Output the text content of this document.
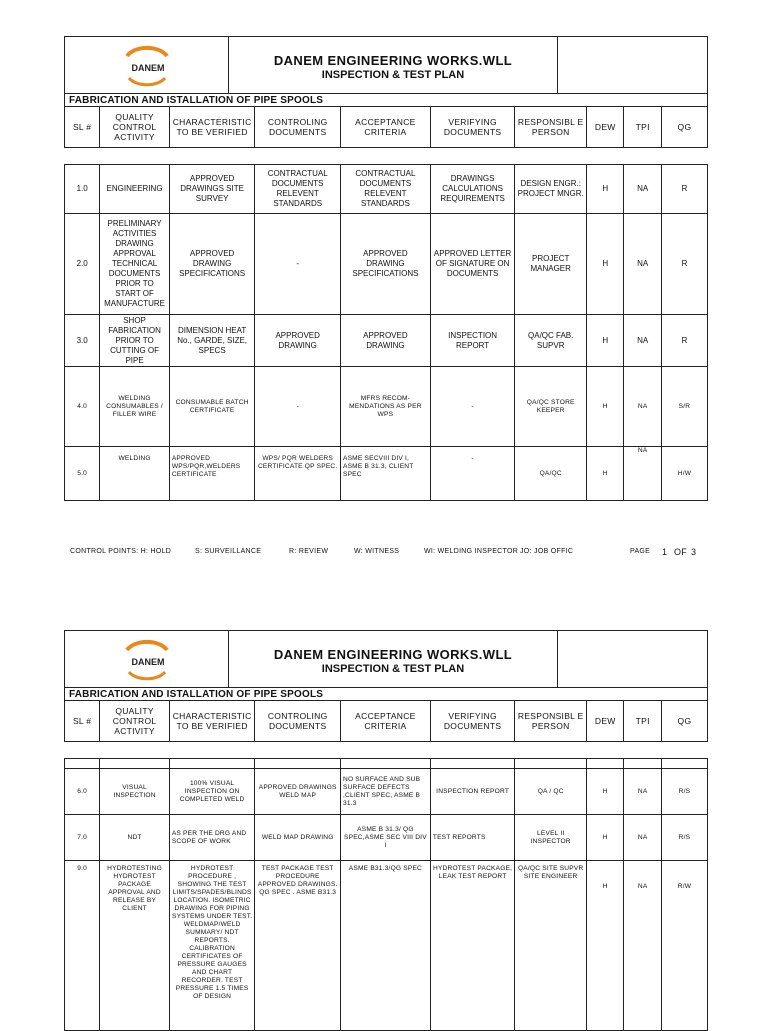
DANEM	DANEM ENGINEERING WORKS.WLL
INSPECTION & TEST PLAN
FABRICATION AND ISTALLATION OF PIPE SPOOLS
SL #	QUALITY CONTROL ACTIVITY	CHARACTERISTIC TO BE VERIFIED	CONTROLING DOCUMENTS	ACCEPTANCE CRITERIA	VERIFYING DOCUMENTS	RESPONSIBL E PERSON	DEW	TPI	QG
1.0	ENGINEERING	APPROVED DRAWINGS SITE SURVEY	CONTRACTUAL DOCUMENTS RELEVENT STANDARDS	CONTRACTUAL DOCUMENTS RELEVENT STANDARDS	DRAWINGS CALCULATIONS REQUIREMENTS	DESIGN ENGR.: PROJECT MNGR.	H	NA	R
2.0	PRELIMINARY ACTIVITIES DRAWING APPROVAL TECHNICAL DOCUMENTS PRIOR TO START OF MANUFACTURE	APPROVED DRAWING SPECIFICATIONS	-	APPROVED DRAWING SPECIFICATIONS	APPROVED LETTER OF SIGNATURE ON DOCUMENTS	PROJECT MANAGER	H	NA	R
3.0	SHOP FABRICATION PRIOR TO CUTTING OF PIPE	DIMENSION HEAT No., GARDE, SIZE, SPECS	APPROVED DRAWING	APPROVED DRAWING	INSPECTION REPORT	QA/QC FAB. SUPVR	H	NA	R
4.0	WELDING CONSUMABLES / FILLER WIRE	CONSUMABLE BATCH CERTIFICATE	-	MFRS RECOM- MENDATIONS AS PER WPS	-	QA/QC STORE KEEPER	H	NA	S/R
5.0	WELDING	APPROVED WPS/PQR,WELDERS CERTIFICATE	WPS/ PQR WELDERS CERTIFICATE QP SPEC.	ASME SECVIII DIV I, ASME B 31.3, CLIENT SPEC	-	QA/QC	H	NA	H/W
CONTROL POINTS: H: HOLD	S: SURVEILLANCE	R: REVIEW	W: WITNESS	WI: WELDING INSPECTOR JO: JOB OFFIC	PAGE 1 OF 3
DANEM	DANEM ENGINEERING WORKS.WLL
INSPECTION & TEST PLAN
FABRICATION AND ISTALLATION OF PIPE SPOOLS
SL #	QUALITY CONTROL ACTIVITY	CHARACTERISTIC TO BE VERIFIED	CONTROLING DOCUMENTS	ACCEPTANCE CRITERIA	VERIFYING DOCUMENTS	RESPONSIBL E PERSON	DEW	TPI	QG

6.0	VISUAL INSPECTION	100% VISUAL INSPECTION ON COMPLETED WELD	APPROVED DRAWINGS WELD MAP	NO SURFACE AND SUB SURFACE DEFECTS ,CLIENT SPEC, ASME B 31.3	INSPECTION REPORT	QA / QC	H	NA	R/S
7.0	NDT	AS PER THE DRG AND SCOPE OF WORK	WELD MAP DRAWING	ASME B 31.3/ QG SPEC,ASME SEC VIII DIV I	TEST REPORTS	LEVEL II INSPECTOR	H	NA	R/S
9.0	HYDROTESTING HYDROTEST PACKAGE APPROVAL AND RELEASE BY CLIENT	HYDROTEST PROCEDURE , SHOWING THE TEST LIMITS/SPADES/BLINDS LOCATION. ISOMETRIC DRAWING FOR PIPING SYSTEMS UNDER TEST. WELDMAP/WELD SUMMARY/ NDT REPORTS. CALIBRATION CERTIFICATES OF PRESSURE GAUGES AND CHART RECORDER. TEST PRESSURE 1.5 TIMES OF DESIGN	TEST PACKAGE TEST PROCEDURE APPROVED DRAWINGS. QG SPEC . ASME B31.3	ASME B31.3/QG SPEC	HYDROTEST PACKAGE, LEAK TEST REPORT	QA/QC SITE SUPVR SITE ENGINEER	H	NA	R/W
